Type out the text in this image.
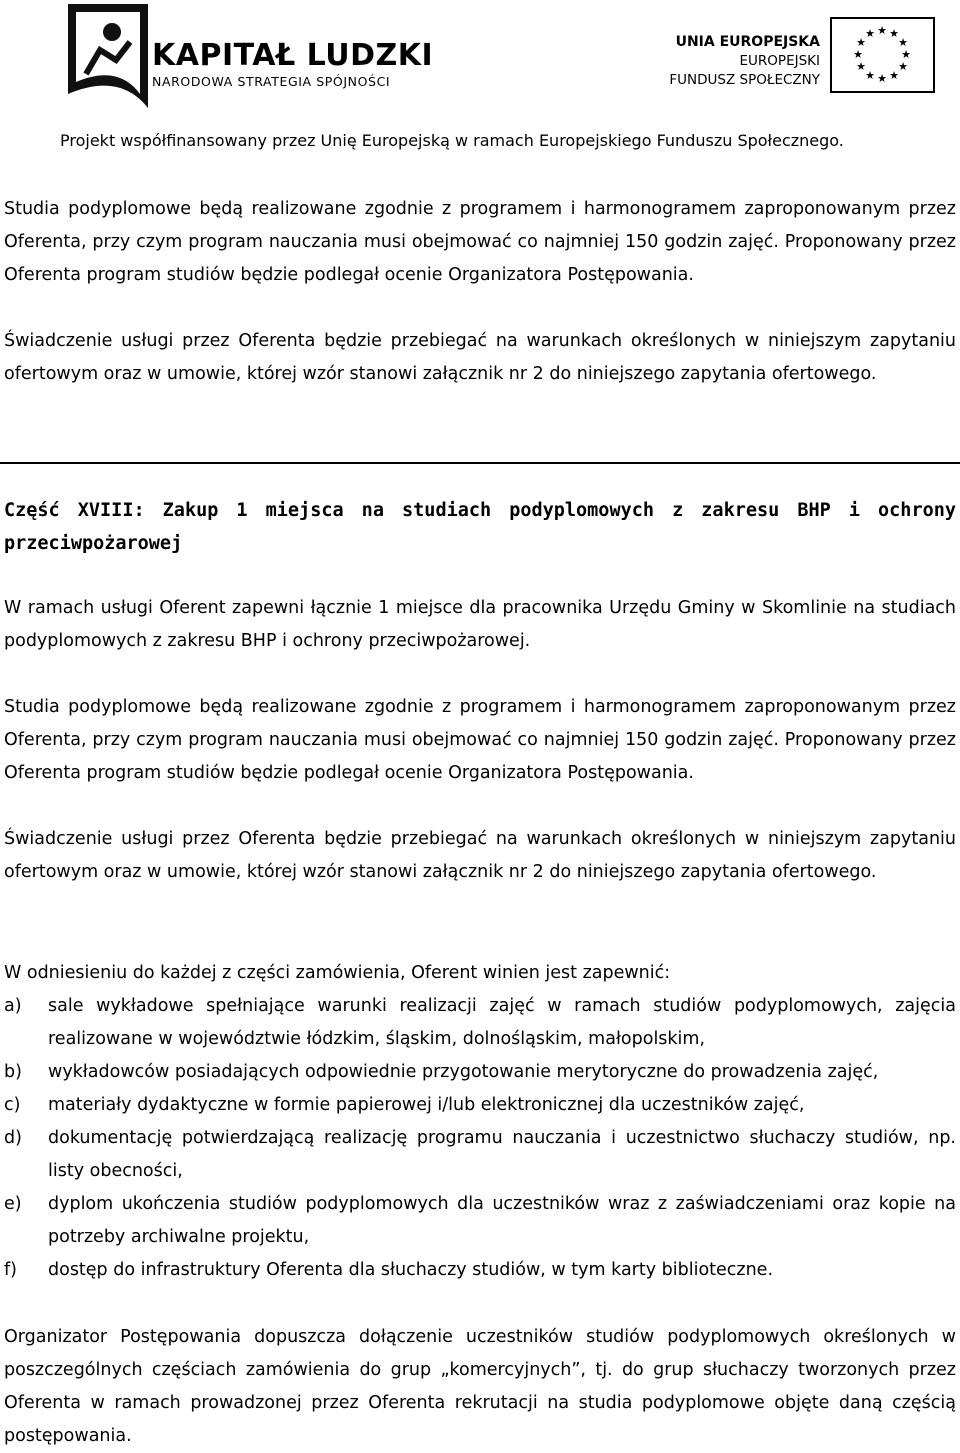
KAPITAŁ LUDZKI
NARODOWA STRATEGIA SPÓJNOŚCI
UNIA EUROPEJSKA
EUROPEJSKI
FUNDUSZ SPOŁECZNY
★ ★
★
★
★
★
★
★
★
★
★
★
Projekt współfinansowany przez Unię Europejską w ramach Europejskiego Funduszu Społecznego.
Studia podyplomowe będą realizowane zgodnie z programem i harmonogramem zaproponowanym przez Oferenta, przy czym program nauczania musi obejmować co najmniej 150 godzin zajęć. Proponowany przez Oferenta program studiów będzie podlegał ocenie Organizatora Postępowania.
Świadczenie usługi przez Oferenta będzie przebiegać na warunkach określonych w niniejszym zapytaniu ofertowym oraz w umowie, której wzór stanowi załącznik nr 2 do niniejszego zapytania ofertowego.
Część XVIII: Zakup 1 miejsca na studiach podyplomowych z zakresu BHP i ochrony przeciwpożarowej
W ramach usługi Oferent zapewni łącznie 1 miejsce dla pracownika Urzędu Gminy w Skomlinie na studiach podyplomowych z zakresu BHP i ochrony przeciwpożarowej.
Studia podyplomowe będą realizowane zgodnie z programem i harmonogramem zaproponowanym przez Oferenta, przy czym program nauczania musi obejmować co najmniej 150 godzin zajęć. Proponowany przez Oferenta program studiów będzie podlegał ocenie Organizatora Postępowania.
Świadczenie usługi przez Oferenta będzie przebiegać na warunkach określonych w niniejszym zapytaniu ofertowym oraz w umowie, której wzór stanowi załącznik nr 2 do niniejszego zapytania ofertowego.
W odniesieniu do każdej z części zamówienia, Oferent winien jest zapewnić:
a) sale wykładowe spełniające warunki realizacji zajęć w ramach studiów podyplomowych, zajęcia realizowane w województwie łódzkim, śląskim, dolnośląskim, małopolskim,
b) wykładowców posiadających odpowiednie przygotowanie merytoryczne do prowadzenia zajęć,
c) materiały dydaktyczne w formie papierowej i/lub elektronicznej dla uczestników zajęć,
d) dokumentację potwierdzającą realizację programu nauczania i uczestnictwo słuchaczy studiów, np. listy obecności,
e) dyplom ukończenia studiów podyplomowych dla uczestników wraz z zaświadczeniami oraz kopie na potrzeby archiwalne projektu,
f) dostęp do infrastruktury Oferenta dla słuchaczy studiów, w tym karty biblioteczne.
Organizator Postępowania dopuszcza dołączenie uczestników studiów podyplomowych określonych w poszczególnych częściach zamówienia do grup „komercyjnych”, tj. do grup słuchaczy tworzonych przez Oferenta w ramach prowadzonej przez Oferenta rekrutacji na studia podyplomowe objęte daną częścią postępowania.
